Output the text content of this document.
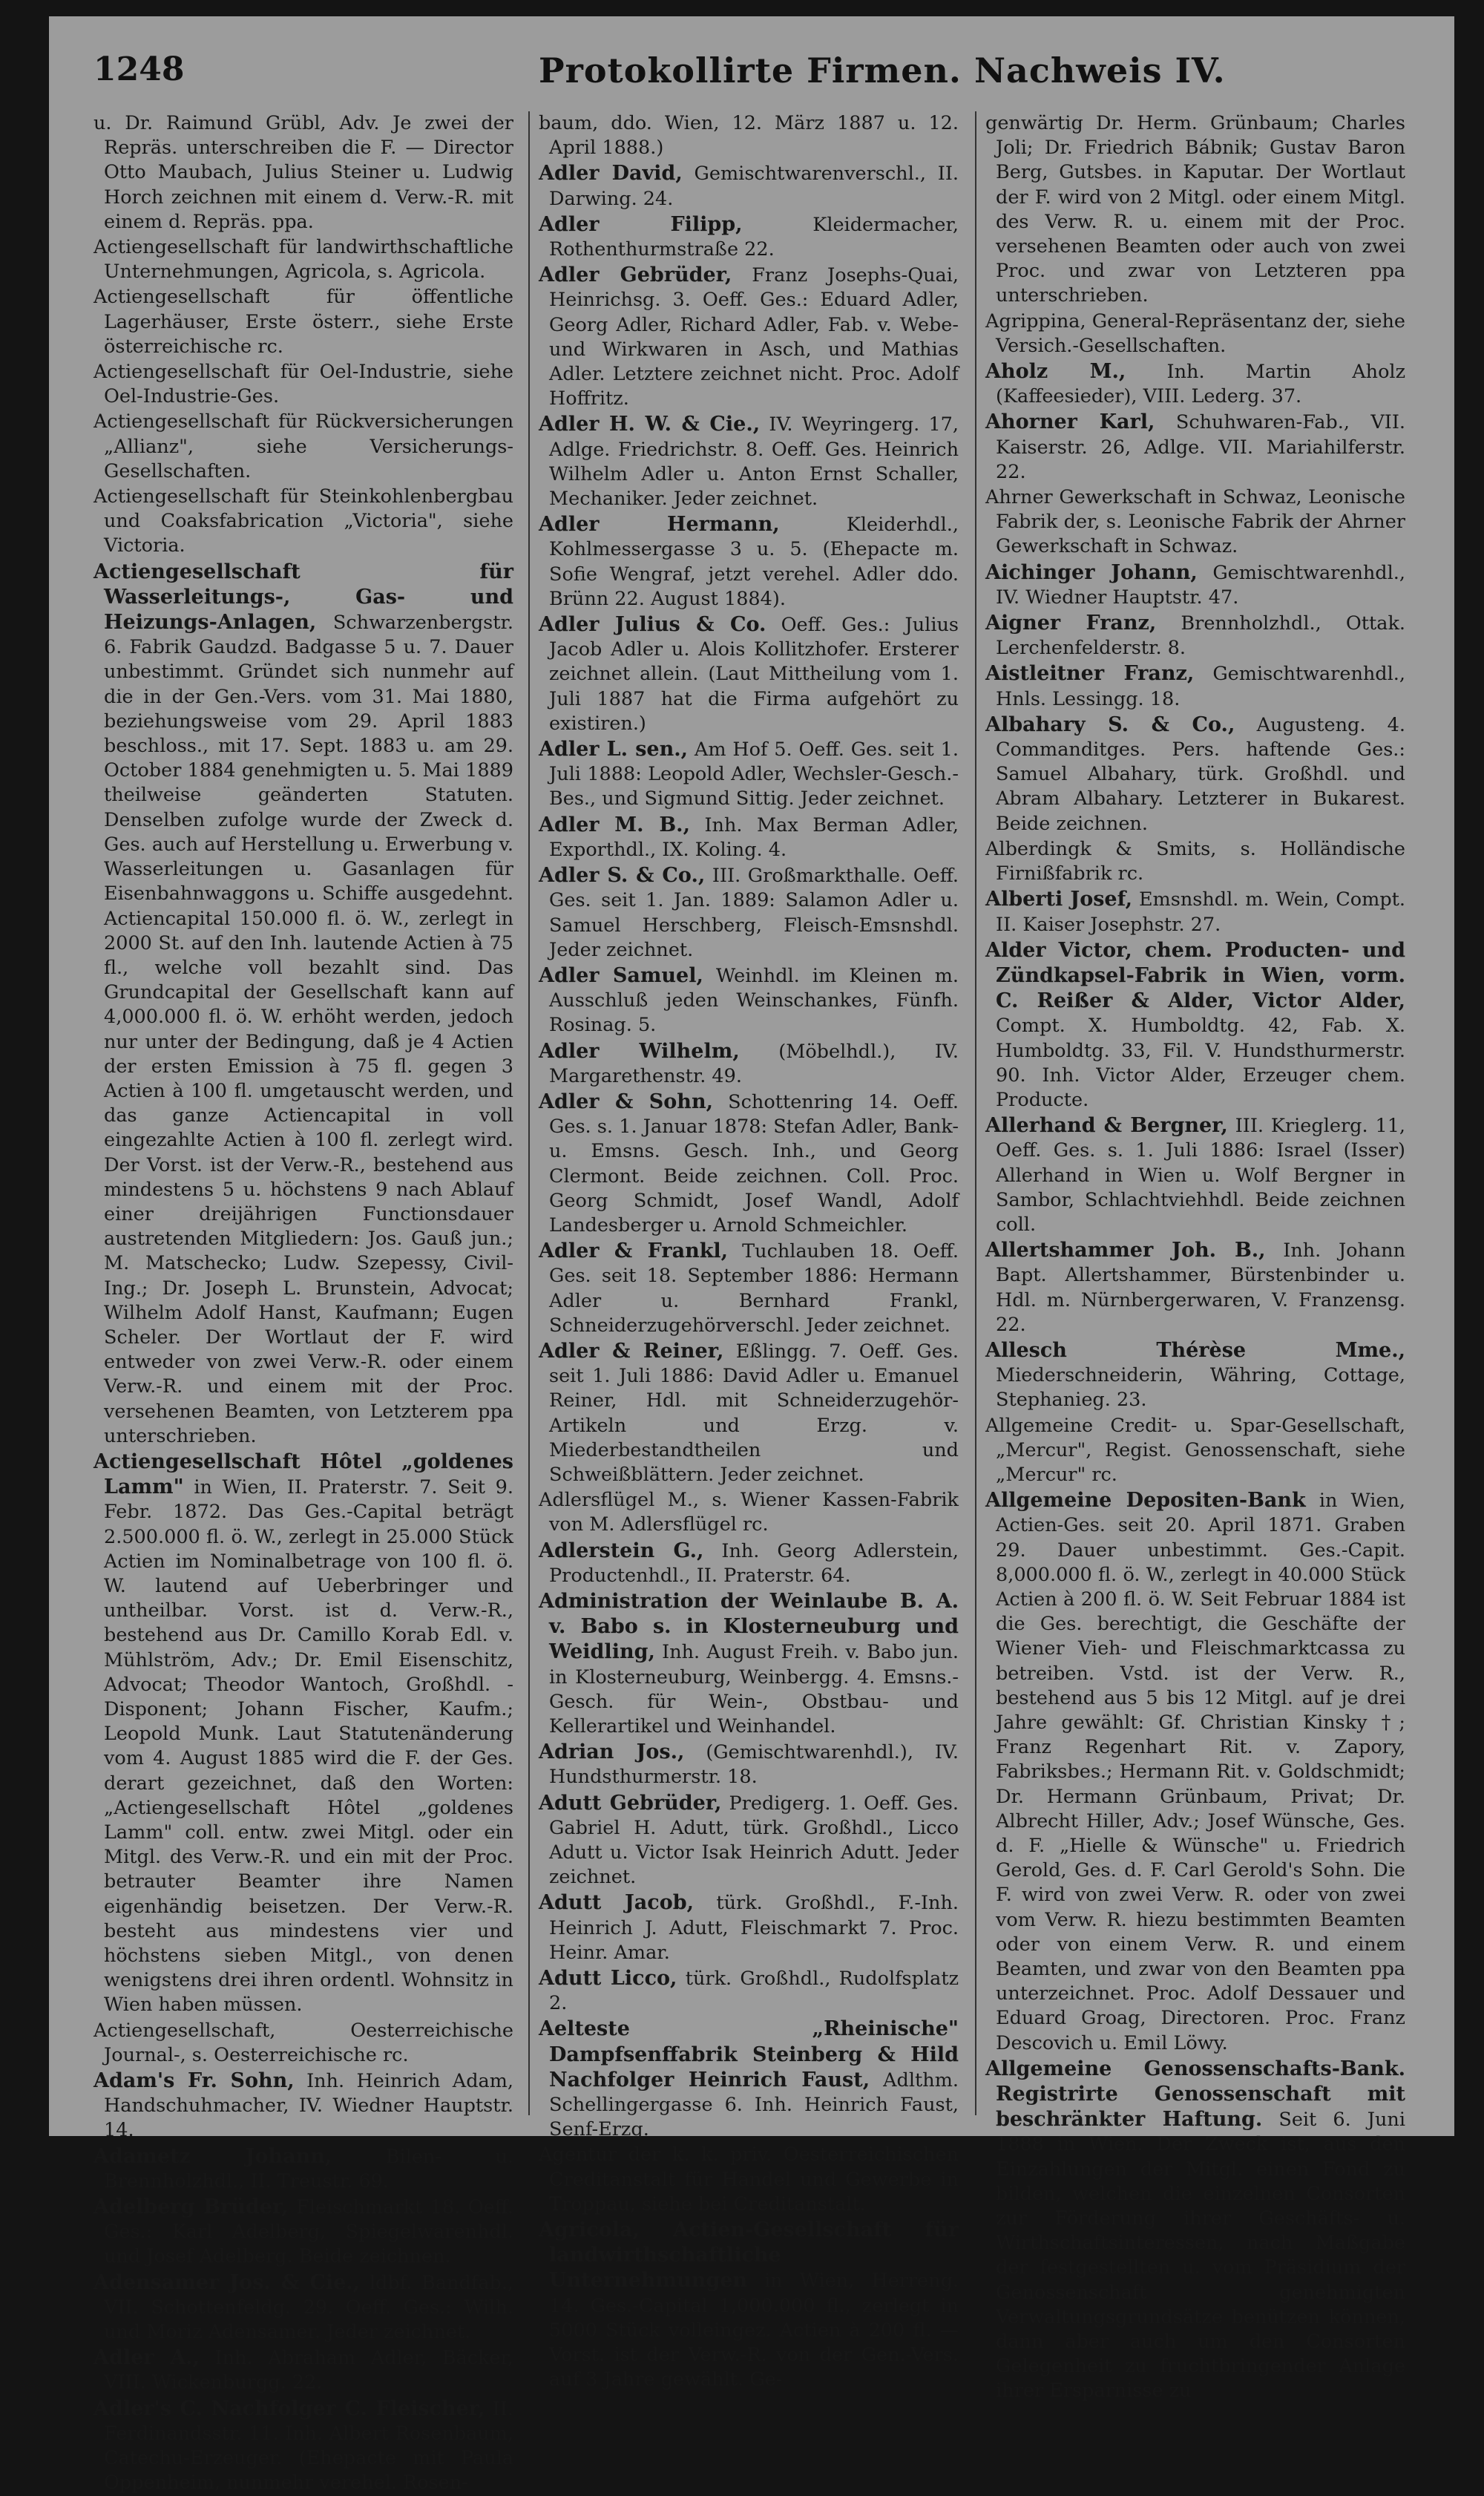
1248	Protokollirte Firmen. Nachweis IV.

u. Dr. Raimund Grübl, Adv. Je zwei der Repräs. unterschreiben die F. — Director Otto Maubach, Julius Steiner u. Ludwig Horch zeichnen mit einem d. Verw.-R. mit einem d. Repräs. ppa.

Actiengesellschaft für landwirthschaftliche Unternehmungen, Agricola, s. Agricola.

Actiengesellschaft für öffentliche Lagerhäuser, Erste österr., siehe Erste österreichische rc.

Actiengesellschaft für Oel-Industrie, siehe Oel-Industrie-Ges.

Actiengesellschaft für Rückversicherungen „Allianz", siehe Versicherungs-Gesellschaften.

Actiengesellschaft für Steinkohlenbergbau und Coaksfabrication „Victoria", siehe Victoria.

Actiengesellschaft für Wasserleitungs-, Gas- und Heizungs-Anlagen, Schwarzenbergstr. 6. Fabrik Gaudzd. Badgasse 5 u. 7. Dauer unbestimmt. Gründet sich nunmehr auf die in der Gen.-Vers. vom 31. Mai 1880, beziehungsweise vom 29. April 1883 beschloss., mit 17. Sept. 1883 u. am 29. October 1884 genehmigten u. 5. Mai 1889 theilweise geänderten Statuten. Denselben zufolge wurde der Zweck d. Ges. auch auf Herstellung u. Erwerbung v. Wasserleitungen u. Gasanlagen für Eisenbahnwaggons u. Schiffe ausgedehnt. Actiencapital 150.000 fl. ö. W., zerlegt in 2000 St. auf den Inh. lautende Actien à 75 fl., welche voll bezahlt sind. Das Grundcapital der Gesellschaft kann auf 4,000.000 fl. ö. W. erhöht werden, jedoch nur unter der Bedingung, daß je 4 Actien der ersten Emission à 75 fl. gegen 3 Actien à 100 fl. umgetauscht werden, und das ganze Actiencapital in voll eingezahlte Actien à 100 fl. zerlegt wird. Der Vorst. ist der Verw.-R., bestehend aus mindestens 5 u. höchstens 9 nach Ablauf einer dreijährigen Functionsdauer austretenden Mitgliedern: Jos. Gauß jun.; M. Matschecko; Ludw. Szepessy, Civil-Ing.; Dr. Joseph L. Brunstein, Advocat; Wilhelm Adolf Hanst, Kaufmann; Eugen Scheler. Der Wortlaut der F. wird entweder von zwei Verw.-R. oder einem Verw.-R. und einem mit der Proc. versehenen Beamten, von Letzterem ppa unterschrieben.

Actiengesellschaft Hôtel „goldenes Lamm" in Wien, II. Praterstr. 7. Seit 9. Febr. 1872. Das Ges.-Capital beträgt 2.500.000 fl. ö. W., zerlegt in 25.000 Stück Actien im Nominalbetrage von 100 fl. ö. W. lautend auf Ueberbringer und untheilbar. Vorst. ist d. Verw.-R., bestehend aus Dr. Camillo Korab Edl. v. Mühlström, Adv.; Dr. Emil Eisenschitz, Advocat; Theodor Wantoch, Großhdl. - Disponent; Johann Fischer, Kaufm.; Leopold Munk. Laut Statutenänderung vom 4. August 1885 wird die F. der Ges. derart gezeichnet, daß den Worten: „Actiengesellschaft Hôtel „goldenes Lamm" coll. entw. zwei Mitgl. oder ein Mitgl. des Verw.-R. und ein mit der Proc. betrauter Beamter ihre Namen eigenhändig beisetzen. Der Verw.-R. besteht aus mindestens vier und höchstens sieben Mitgl., von denen wenigstens drei ihren ordentl. Wohnsitz in Wien haben müssen.

Actiengesellschaft, Oesterreichische Journal-, s. Oesterreichische rc.

Adam's Fr. Sohn, Inh. Heinrich Adam, Handschuhmacher, IV. Wiedner Hauptstr. 14.

Adametz Johann,	Bilen- u. Brennholzhdl., II. Treustr. 69.

Adelberg Brüder, Fleischmarkt 18. Oeff. Ges.: Karl Adelberg, Spiegelwarenhdl. und Josef Adelberg. Beide zeichnen.

Adensamer Jos. & Cie., ldbf. Bandfab., VII. Schottenfeldg. 29. Oeff. Ges.: Wilh. und Moriz Adensamer. Jeder zeichnet.

Adler A., Inh. Abraham Adler, Bäcker, VIII. Wickenburgg. 22.

Adler's C. Nachfolger C. Fleischer, II. Ferdinandsstr. 11. Inh. Albert Rosenbaum, Catechu-Erzeuger. (Ehepacte mit Paula Oppenheim, nunmehr verehel. Rosen-

baum, ddo. Wien, 12. März 1887 u. 12. April 1888.)

Adler David, Gemischtwarenverschl., II. Darwing. 24.

Adler Filipp,	Kleidermacher, Rothenthurmstraße 22.

Adler Gebrüder, Franz Josephs-Quai, Heinrichsg. 3. Oeff. Ges.: Eduard Adler, Georg Adler, Richard Adler, Fab. v. Webe- und Wirkwaren in Asch, und Mathias Adler. Letztere zeichnet nicht. Proc. Adolf Hoffritz.

Adler H. W. & Cie., IV. Weyringerg. 17, Adlge. Friedrichstr. 8. Oeff. Ges. Heinrich Wilhelm Adler u. Anton Ernst Schaller, Mechaniker. Jeder zeichnet.

Adler Hermann,	Kleiderhdl., Kohlmessergasse 3 u. 5. (Ehepacte m. Sofie Wengraf, jetzt verehel. Adler ddo. Brünn 22. August 1884).

Adler Julius & Co. Oeff. Ges.: Julius Jacob Adler u. Alois Kollitzhofer. Ersterer zeichnet allein. (Laut Mittheilung vom 1. Juli 1887 hat die Firma aufgehört zu existiren.)

Adler L. sen., Am Hof 5. Oeff. Ges. seit 1. Juli 1888: Leopold Adler, Wechsler-Gesch.-Bes., und Sigmund Sittig. Jeder zeichnet.

Adler M. B., Inh. Max Berman Adler, Exporthdl., IX. Koling. 4.

Adler S. & Co., III. Großmarkthalle. Oeff. Ges. seit 1. Jan. 1889: Salamon Adler u. Samuel Herschberg, Fleisch-Emsnshdl. Jeder zeichnet.

Adler Samuel, Weinhdl. im Kleinen m. Ausschluß jeden Weinschankes, Fünfh. Rosinag. 5.

Adler Wilhelm, (Möbelhdl.), IV. Margarethenstr. 49.

Adler & Sohn, Schottenring 14. Oeff. Ges. s. 1. Januar 1878: Stefan Adler, Bank- u. Emsns. Gesch. Inh., und Georg Clermont. Beide zeichnen. Coll. Proc. Georg Schmidt, Josef Wandl, Adolf Landesberger u. Arnold Schmeichler.

Adler & Frankl, Tuchlauben 18. Oeff. Ges. seit 18. September 1886: Hermann Adler u. Bernhard Frankl, Schneiderzugehörverschl. Jeder zeichnet.

Adler & Reiner, Eßlingg. 7. Oeff. Ges. seit 1. Juli 1886: David Adler u. Emanuel Reiner, Hdl. mit Schneiderzugehör-Artikeln und Erzg. v. Miederbestandtheilen und Schweißblättern. Jeder zeichnet.

Adlersflügel M., s. Wiener Kassen-Fabrik von M. Adlersflügel rc.

Adlerstein G., Inh. Georg Adlerstein, Productenhdl., II. Praterstr. 64.

Administration der Weinlaube B. A. v. Babo s. in Klosterneuburg und Weidling, Inh. August Freih. v. Babo jun. in Klosterneuburg, Weinbergg. 4. Emsns.-Gesch. für Wein-, Obstbau- und Kellerartikel und Weinhandel.

Adrian Jos., (Gemischtwarenhdl.), IV. Hundsthurmerstr. 18.

Adutt Gebrüder, Predigerg. 1. Oeff. Ges. Gabriel H. Adutt, türk. Großhdl., Licco Adutt u. Victor Isak Heinrich Adutt. Jeder zeichnet.

Adutt Jacob, türk. Großhdl., F.-Inh. Heinrich J. Adutt, Fleischmarkt 7. Proc. Heinr. Amar.

Adutt Licco, türk. Großhdl., Rudolfsplatz 2.

Aelteste „Rheinische" Dampfsenffabrik Steinberg & Hild Nachfolger Heinrich Faust, Adlthm. Schellingergasse 6. Inh. Heinrich Faust, Senf-Erzg.

Agentur der k. k. priv. Oesterreichischen Creditanstalt für Handel und Gewerbe in Troppau, siehe bei Creditanstalt.

Agricola, Actien-Gesellschaft für landwirthschaftliche Unternehmungen in Wien, Herreng. 14. Ges.-Capital 1,000.000 fl., zerlegt in 5000 Stück volleingez. Actien à 200 fl. — Vorst. ist der Verw.-R. von der Gen.-Vers. auf 3 Jahre gewählt. Ge-

genwärtig Dr. Herm. Grünbaum; Charles Joli; Dr. Friedrich Bábnik; Gustav Baron Berg, Gutsbes. in Kaputar. Der Wortlaut der F. wird von 2 Mitgl. oder einem Mitgl. des Verw. R. u. einem mit der Proc. versehenen Beamten oder auch von zwei Proc. und zwar von Letzteren ppa unterschrieben.

Agrippina, General-Repräsentanz der, siehe Versich.-Gesellschaften.

Aholz M., Inh. Martin Aholz (Kaffeesieder), VIII. Lederg. 37.

Ahorner Karl, Schuhwaren-Fab., VII. Kaiserstr. 26, Adlge. VII. Mariahilferstr. 22.

Ahrner Gewerkschaft in Schwaz, Leonische Fabrik der, s. Leonische Fabrik der Ahrner Gewerkschaft in Schwaz.

Aichinger Johann, Gemischtwarenhdl., IV. Wiedner Hauptstr. 47.

Aigner Franz, Brennholzhdl., Ottak. Lerchenfelderstr. 8.

Aistleitner Franz, Gemischtwarenhdl., Hnls. Lessingg. 18.

Albahary S. & Co., Augusteng. 4. Commanditges. Pers. haftende Ges.: Samuel Albahary, türk. Großhdl. und Abram Albahary. Letzterer in Bukarest. Beide zeichnen.

Alberdingk & Smits, s. Holländische Firnißfabrik rc.

Alberti Josef, Emsnshdl. m. Wein, Compt. II. Kaiser Josephstr. 27.

Alder Victor, chem. Producten- und Zündkapsel-Fabrik in Wien, vorm. C. Reißer & Alder, Victor Alder, Compt. X. Humboldtg. 42, Fab. X. Humboldtg. 33, Fil. V. Hundsthurmerstr. 90. Inh. Victor Alder, Erzeuger chem. Producte.

Allerhand & Bergner, III. Krieglerg. 11, Oeff. Ges. s. 1. Juli 1886: Israel (Isser) Allerhand in Wien u. Wolf Bergner in Sambor, Schlachtviehhdl. Beide zeichnen coll.

Allertshammer Joh. B., Inh. Johann Bapt. Allertshammer, Bürstenbinder u. Hdl. m. Nürnbergerwaren, V. Franzensg. 22.

Allesch Thérèse Mme., Miederschneiderin, Währing, Cottage, Stephanieg. 23.

Allgemeine Credit- u. Spar-Gesellschaft, „Mercur", Regist. Genossenschaft, siehe „Mercur" rc.

Allgemeine Depositen-Bank in Wien, Actien-Ges. seit 20. April 1871. Graben 29. Dauer unbestimmt. Ges.-Capit. 8,000.000 fl. ö. W., zerlegt in 40.000 Stück Actien à 200 fl. ö. W. Seit Februar 1884 ist die Ges. berechtigt, die Geschäfte der Wiener Vieh- und Fleischmarktcassa zu betreiben. Vstd. ist der Verw. R., bestehend aus 5 bis 12 Mitgl. auf je drei Jahre gewählt: Gf. Christian Kinsky †; Franz Regenhart Rit. v. Zapory, Fabriksbes.; Hermann Rit. v. Goldschmidt; Dr. Hermann Grünbaum, Privat; Dr. Albrecht Hiller, Adv.; Josef Wünsche, Ges. d. F. „Hielle & Wünsche" u. Friedrich Gerold, Ges. d. F. Carl Gerold's Sohn. Die F. wird von zwei Verw. R. oder von zwei vom Verw. R. hiezu bestimmten Beamten oder von einem Verw. R. und einem Beamten, und zwar von den Beamten ppa unterzeichnet. Proc. Adolf Dessauer und Eduard Groag, Directoren. Proc. Franz Descovich u. Emil Löwy.

Allgemeine Genossenschafts-Bank. Registrirte Genossenschaft mit beschränkter Haftung. Seit 6. Juni 1888 in Wien. Der Zweck ist, aus den Einzahlungen der Mitgl. einen Fond zu bilden, welchen die einzelnen Consorten zur Förderung ihrer Geschäfts- u. Wirthschaftsinteressen, nach Maßgabe der festgestellten u. vom Präsidium der Genossenschaft genehmigten Verwaltungsgrundsätze benützen können, dann aber auch um den Consorten Gelegenheit zu fruchtbringender Anlage ihrer Ersparnisse zu
